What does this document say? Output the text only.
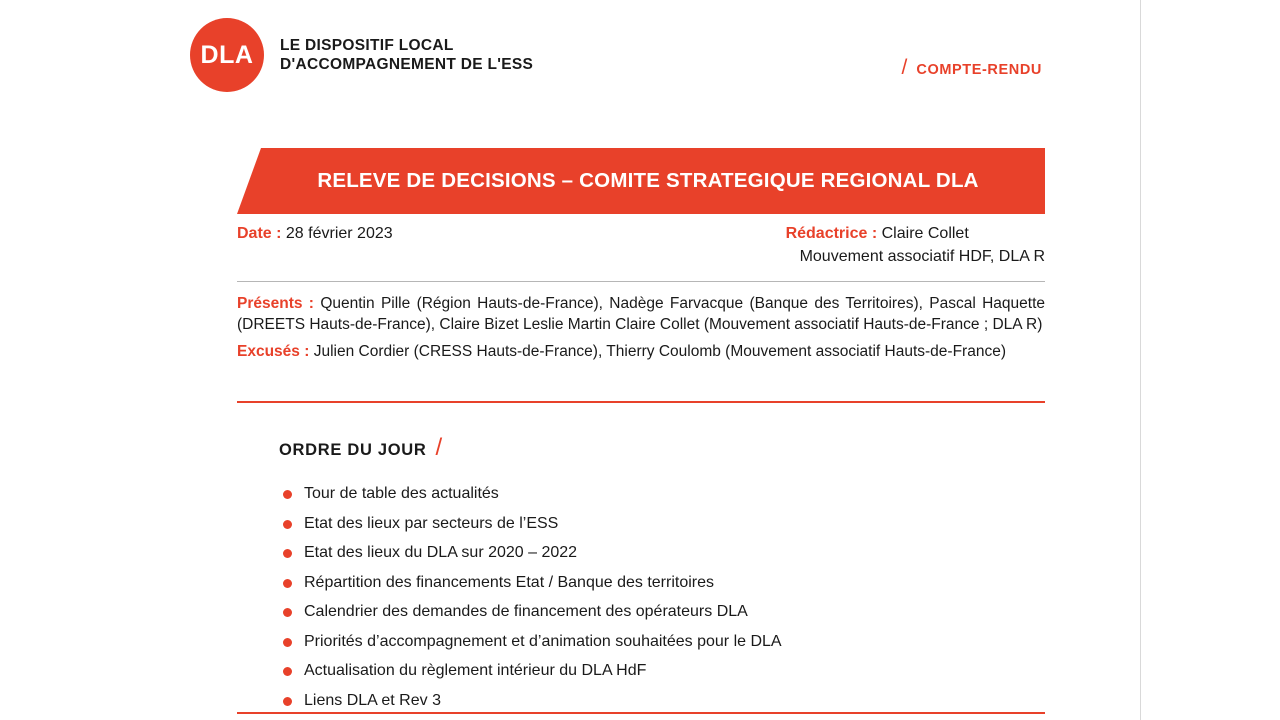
DLA LE DISPOSITIF LOCAL
D'ACCOMPAGNEMENT DE L'ESS	/ COMPTE-RENDU
RELEVE DE DECISIONS – COMITE STRATEGIQUE REGIONAL DLA
Date : 28 février 2023	Rédactrice : Claire Collet
Mouvement associatif HDF, DLA R

Présents : Quentin Pille (Région Hauts-de-France), Nadège Farvacque (Banque des Territoires), Pascal Haquette (DREETS Hauts-de-France), Claire Bizet Leslie Martin Claire Collet (Mouvement associatif Hauts-de-France ; DLA R)

Excusés : Julien Cordier (CRESS Hauts-de-France), Thierry Coulomb (Mouvement associatif Hauts-de-France)

ORDRE DU JOUR /
Tour de table des actualités
Etat des lieux par secteurs de l’ESS
Etat des lieux du DLA sur 2020 – 2022
Répartition des financements Etat / Banque des territoires
Calendrier des demandes de financement des opérateurs DLA
Priorités d’accompagnement et d’animation souhaitées pour le DLA
Actualisation du règlement intérieur du DLA HdF
Liens DLA et Rev 3
